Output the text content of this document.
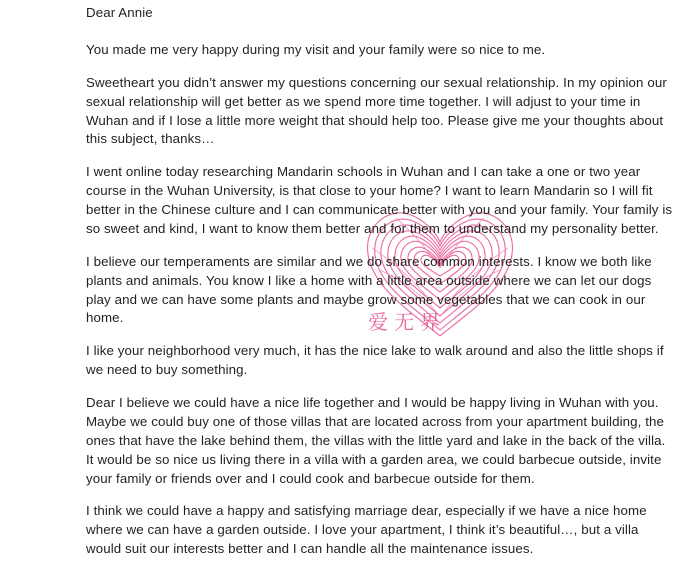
爱无界

Dear Annie

You made me very happy during my visit and your family were so nice to me.

Sweetheart you didn’t answer my questions concerning our sexual relationship. In my opinion our sexual relationship will get better as we spend more time together. I will adjust to your time in Wuhan and if I lose a little more weight that should help too. Please give me your thoughts about this subject, thanks…

I went online today researching Mandarin schools in Wuhan and I can take a one or two year course in the Wuhan University, is that close to your home? I want to learn Mandarin so I will fit better in the Chinese culture and I can communicate better with you and your family. Your family is so sweet and kind, I want to know them better and for them to understand my personality better.

I believe our temperaments are similar and we do share common interests. I know we both like plants and animals. You know I like a home with a little area outside where we can let our dogs play and we can have some plants and maybe grow some vegetables that we can cook in our home.

I like your neighborhood very much, it has the nice lake to walk around and also the little shops if we need to buy something.

Dear I believe we could have a nice life together and I would be happy living in Wuhan with you. Maybe we could buy one of those villas that are located across from your apartment building, the ones that have the lake behind them, the villas with the little yard and lake in the back of the villa. It would be so nice us living there in a villa with a garden area, we could barbecue outside, invite your family or friends over and I could cook and barbecue outside for them.

I think we could have a happy and satisfying marriage dear, especially if we have a nice home where we can have a garden outside. I love your apartment, I think it’s beautiful…, but a villa would suit our interests better and I can handle all the maintenance issues.
